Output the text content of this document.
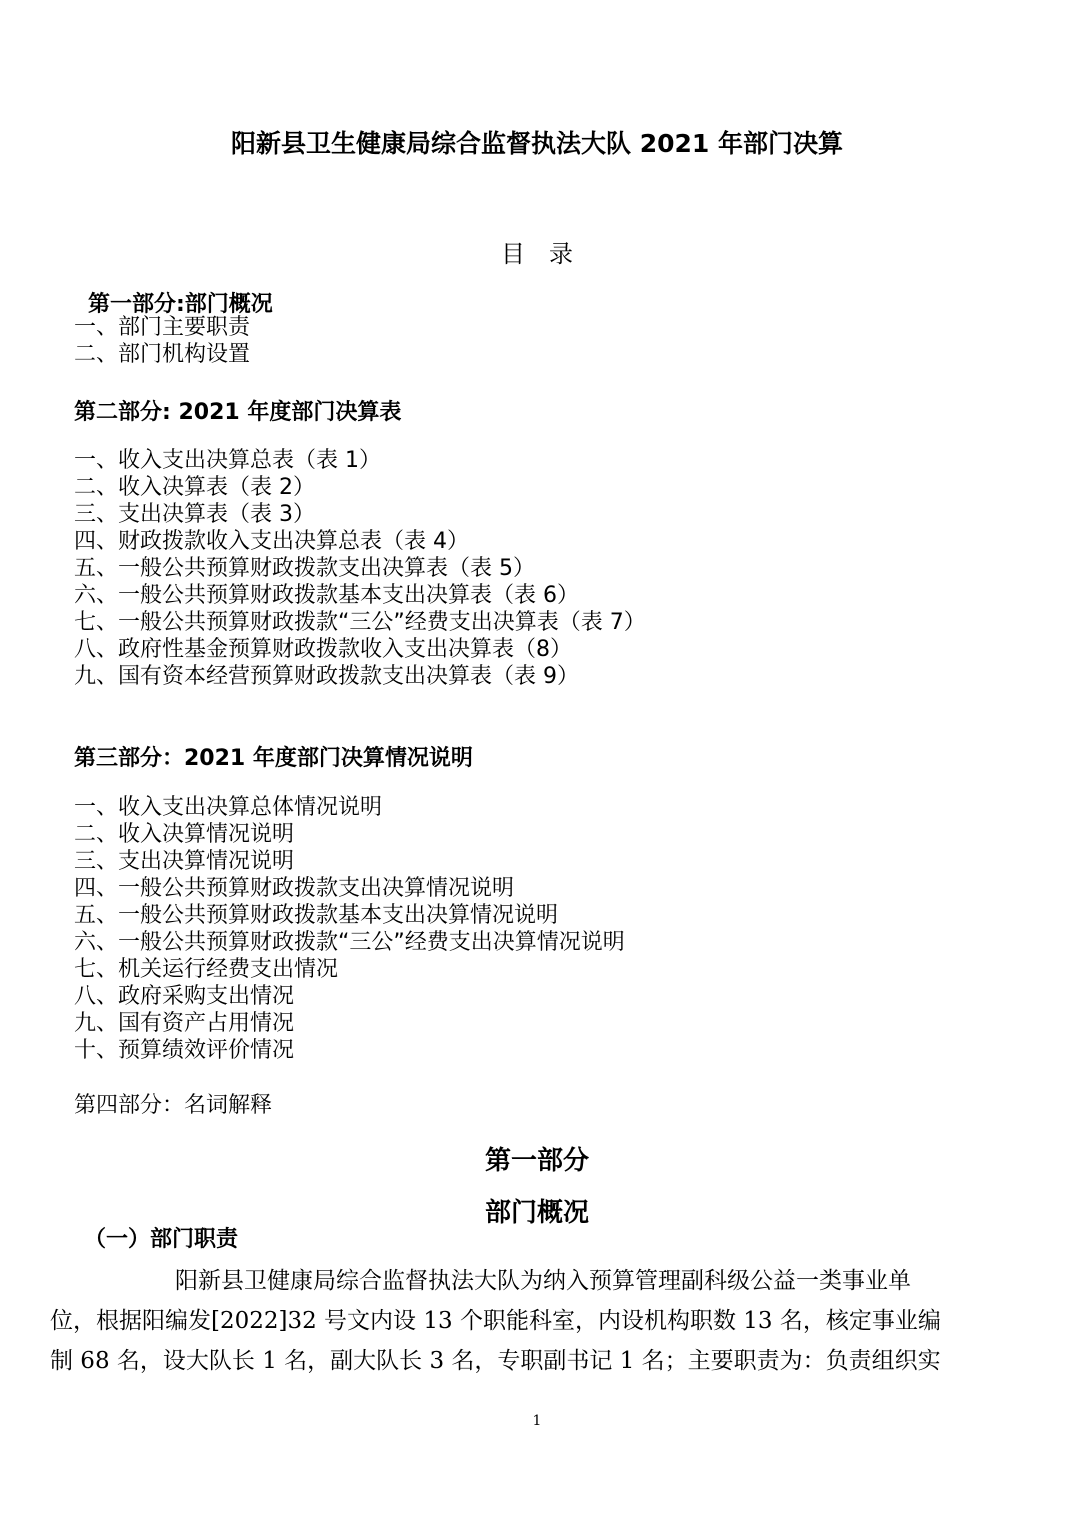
阳新县卫生健康局综合监督执法大队 2021 年部门决算
目　录
第一部分:部门概况
一、部门主要职责
二、部门机构设置
第二部分: 2021 年度部门决算表
一、收入支出决算总表（表 1）
二、收入决算表（表 2）
三、支出决算表（表 3）
四、财政拨款收入支出决算总表（表 4）
五、一般公共预算财政拨款支出决算表（表 5）
六、一般公共预算财政拨款基本支出决算表（表 6）
七、一般公共预算财政拨款“三公”经费支出决算表（表 7）
八、政府性基金预算财政拨款收入支出决算表（8）
九、国有资本经营预算财政拨款支出决算表（表 9）
第三部分：2021 年度部门决算情况说明
一、收入支出决算总体情况说明
二、收入决算情况说明
三、支出决算情况说明
四、一般公共预算财政拨款支出决算情况说明
五、一般公共预算财政拨款基本支出决算情况说明
六、一般公共预算财政拨款“三公”经费支出决算情况说明
七、机关运行经费支出情况
八、政府采购支出情况
九、国有资产占用情况
十、预算绩效评价情况
第四部分：名词解释
第一部分
部门概况
（一）部门职责
阳新县卫健康局综合监督执法大队为纳入预算管理副科级公益一类事业单
位，根据阳编发[2022]32 号文内设 13 个职能科室，内设机构职数 13 名，核定事业编
制 68 名，设大队长 1 名，副大队长 3 名，专职副书记 1 名；主要职责为：负责组织实
1
